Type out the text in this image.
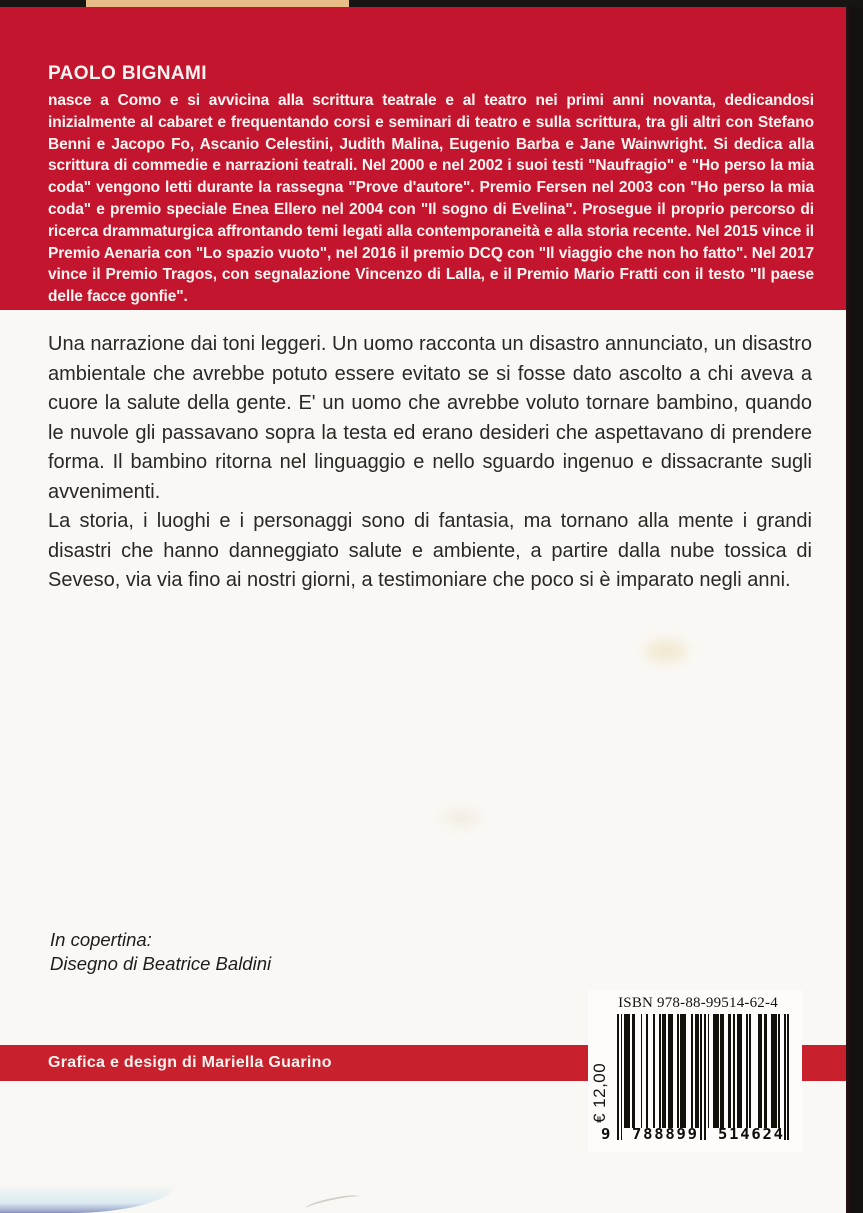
PAOLO BIGNAMI

nasce a Como e si avvicina alla scrittura teatrale e al teatro nei primi anni novanta, dedicandosi inizialmente al cabaret e frequentando corsi e seminari di teatro e sulla scrittura, tra gli altri con Stefano Benni e Jacopo Fo, Ascanio Celestini, Judith Malina, Eugenio Barba e Jane Wainwright. Si dedica alla scrittura di commedie e narrazioni teatrali. Nel 2000 e nel 2002 i suoi testi "Naufragio" e "Ho perso la mia coda" vengono letti durante la rassegna "Prove d'autore". Premio Fersen nel 2003 con "Ho perso la mia coda" e premio speciale Enea Ellero nel 2004 con "Il sogno di Evelina". Prosegue il proprio percorso di ricerca drammaturgica affrontando temi legati alla contemporaneità e alla storia recente. Nel 2015 vince il Premio Aenaria con "Lo spazio vuoto", nel 2016 il premio DCQ con "Il viaggio che non ho fatto". Nel 2017 vince il Premio Tragos, con segnalazione Vincenzo di Lalla, e il Premio Mario Fratti con il testo "Il paese delle facce gonfie".

Una narrazione dai toni leggeri. Un uomo racconta un disastro annunciato, un disastro ambientale che avrebbe potuto essere evitato se si fosse dato ascolto a chi aveva a cuore la salute della gente. E' un uomo che avrebbe voluto tornare bambino, quando le nuvole gli passavano sopra la testa ed erano desideri che aspettavano di prendere forma. Il bambino ritorna nel linguaggio e nello sguardo ingenuo e dissacrante sugli avvenimenti.

La storia, i luoghi e i personaggi sono di fantasia, ma tornano alla mente i grandi disastri che hanno danneggiato salute e ambiente, a partire dalla nube tossica di Seveso, via via fino ai nostri giorni, a testimoniare che poco si è imparato negli anni.

In copertina:
Disegno di Beatrice Baldini
Grafica e design di Mariella Guarino
ISBN 978-88-99514-62-4
€ 12,00
9 788899 514624
